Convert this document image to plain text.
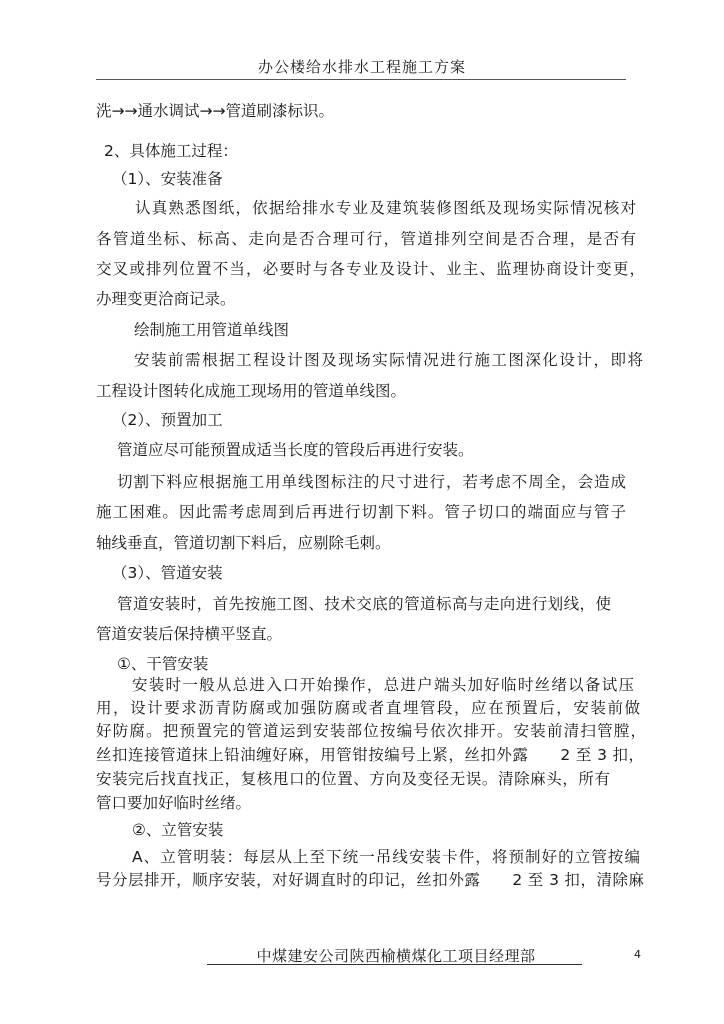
办公楼给水排水工程施工方案
洗→→通水调试→→管道刷漆标识。
2、具体施工过程：
（1）、安装准备
认真熟悉图纸，依据给排水专业及建筑装修图纸及现场实际情况核对
各管道坐标、标高、走向是否合理可行，管道排列空间是否合理，是否有
交叉或排列位置不当，必要时与各专业及设计、业主、监理协商设计变更，
办理变更洽商记录。
绘制施工用管道单线图
安装前需根据工程设计图及现场实际情况进行施工图深化设计，即将
工程设计图转化成施工现场用的管道单线图。
（2）、预置加工
管道应尽可能预置成适当长度的管段后再进行安装。
切割下料应根据施工用单线图标注的尺寸进行，若考虑不周全，会造成
施工困难。因此需考虑周到后再进行切割下料。管子切口的端面应与管子
轴线垂直，管道切割下料后，应剔除毛刺。
（3）、管道安装
管道安装时，首先按施工图、技术交底的管道标高与走向进行划线，使
管道安装后保持横平竖直。
①、干管安装
安装时一般从总进入口开始操作，总进户端头加好临时丝绪以备试压
用，设计要求沥青防腐或加强防腐或者直埋管段，应在预置后，安装前做
好防腐。把预置完的管道运到安装部位按编号依次排开。安装前清扫管膛，
丝扣连接管道抹上铅油缠好麻，用管钳按编号上紧，丝扣外露　　2 至 3 扣，
安装完后找直找正，复核甩口的位置、方向及变径无误。清除麻头，所有
管口要加好临时丝绪。
②、立管安装
A、立管明装：每层从上至下统一吊线安装卡件，将预制好的立管按编
号分层排开，顺序安装，对好调直时的印记，丝扣外露　　2 至 3 扣，清除麻
中煤建安公司陕西榆横煤化工项目经理部	4
